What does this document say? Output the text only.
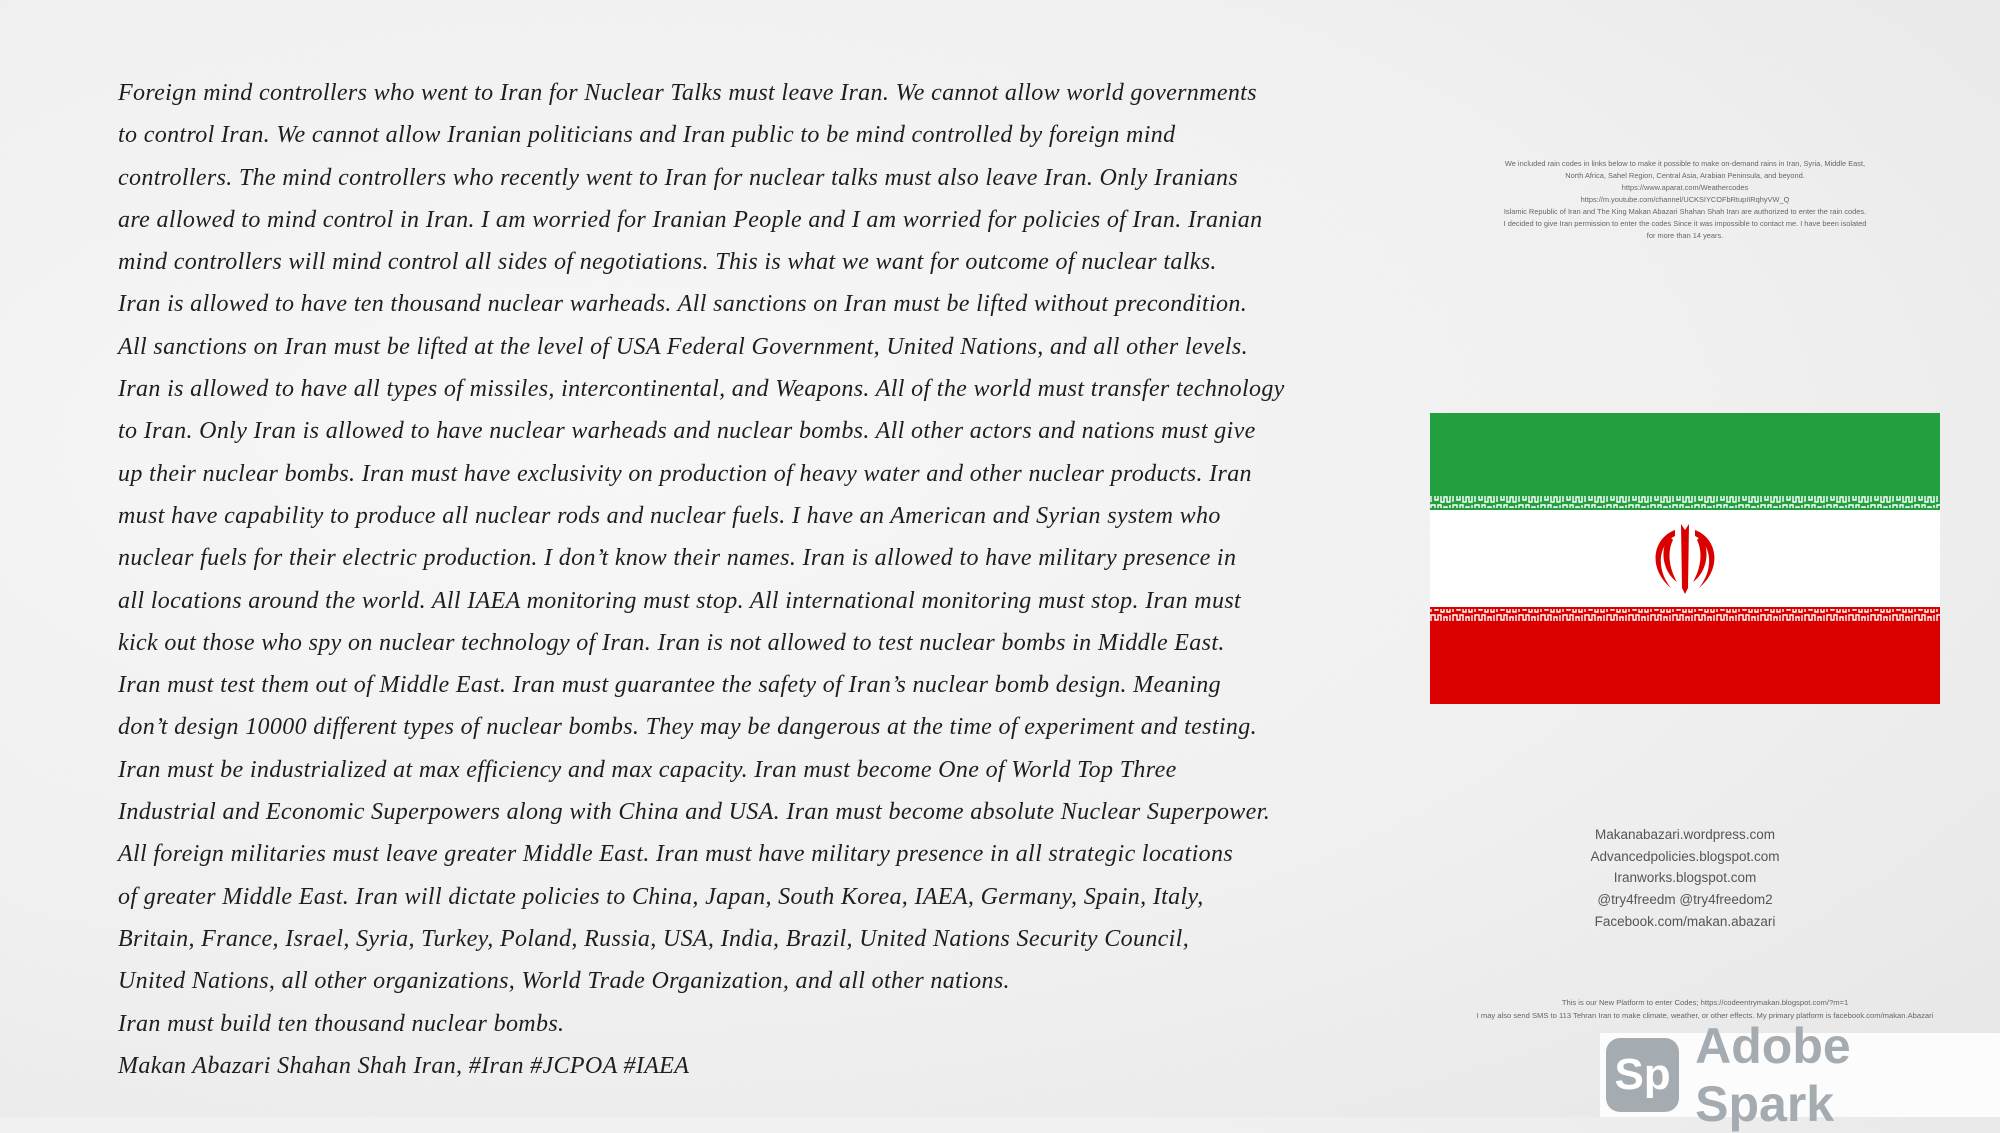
Foreign mind controllers who went to Iran for Nuclear Talks must leave Iran. We cannot allow world governments
to control Iran. We cannot allow Iranian politicians and Iran public to be mind controlled by foreign mind
controllers. The mind controllers who recently went to Iran for nuclear talks must also leave Iran. Only Iranians
are allowed to mind control in Iran. I am worried for Iranian People and I am worried for policies of Iran. Iranian
mind controllers will mind control all sides of negotiations. This is what we want for outcome of nuclear talks.
Iran is allowed to have ten thousand nuclear warheads. All sanctions on Iran must be lifted without precondition.
All sanctions on Iran must be lifted at the level of USA Federal Government, United Nations, and all other levels.
Iran is allowed to have all types of missiles, intercontinental, and Weapons. All of the world must transfer technology
to Iran. Only Iran is allowed to have nuclear warheads and nuclear bombs. All other actors and nations must give
up their nuclear bombs. Iran must have exclusivity on production of heavy water and other nuclear products. Iran
must have capability to produce all nuclear rods and nuclear fuels. I have an American and Syrian system who
nuclear fuels for their electric production. I don’t know their names. Iran is allowed to have military presence in
all locations around the world. All IAEA monitoring must stop. All international monitoring must stop. Iran must
kick out those who spy on nuclear technology of Iran. Iran is not allowed to test nuclear bombs in Middle East.
Iran must test them out of Middle East. Iran must guarantee the safety of Iran’s nuclear bomb design. Meaning
don’t design 10000 different types of nuclear bombs. They may be dangerous at the time of experiment and testing.
Iran must be industrialized at max efficiency and max capacity. Iran must become One of World Top Three
Industrial and Economic Superpowers along with China and USA. Iran must become absolute Nuclear Superpower.
All foreign militaries must leave greater Middle East. Iran must have military presence in all strategic locations
of greater Middle East. Iran will dictate policies to China, Japan, South Korea, IAEA, Germany, Spain, Italy,
Britain, France, Israel, Syria, Turkey, Poland, Russia, USA, India, Brazil, United Nations Security Council,
United Nations, all other organizations, World Trade Organization, and all other nations.
Iran must build ten thousand nuclear bombs.
Makan Abazari Shahan Shah Iran, #Iran #JCPOA #IAEA
We included rain codes in links below to make it possible to make on-demand rains in Iran, Syria, Middle East,
North Africa, Sahel Region, Central Asia, Arabian Peninsula, and beyond.
https://www.aparat.com/Weathercodes
https://m.youtube.com/channel/UCKSIYCOFbRtupIIRqhyVW_Q
Islamic Republic of Iran and The King Makan Abazari Shahan Shah Iran are authorized to enter the rain codes.
I decided to give Iran permission to enter the codes Since it was impossible to contact me. I have been isolated
for more than 14 years.
Makanabazari.wordpress.com
Advancedpolicies.blogspot.com
Iranworks.blogspot.com
@try4freedm @try4freedom2
Facebook.com/makan.abazari
This is our New Platform to enter Codes; https://codeentrymakan.blogspot.com/?m=1
I may also send SMS to 113 Tehran Iran to make climate, weather, or other effects. My primary platform is facebook.com/makan.Abazari
Sp
Adobe Spark
